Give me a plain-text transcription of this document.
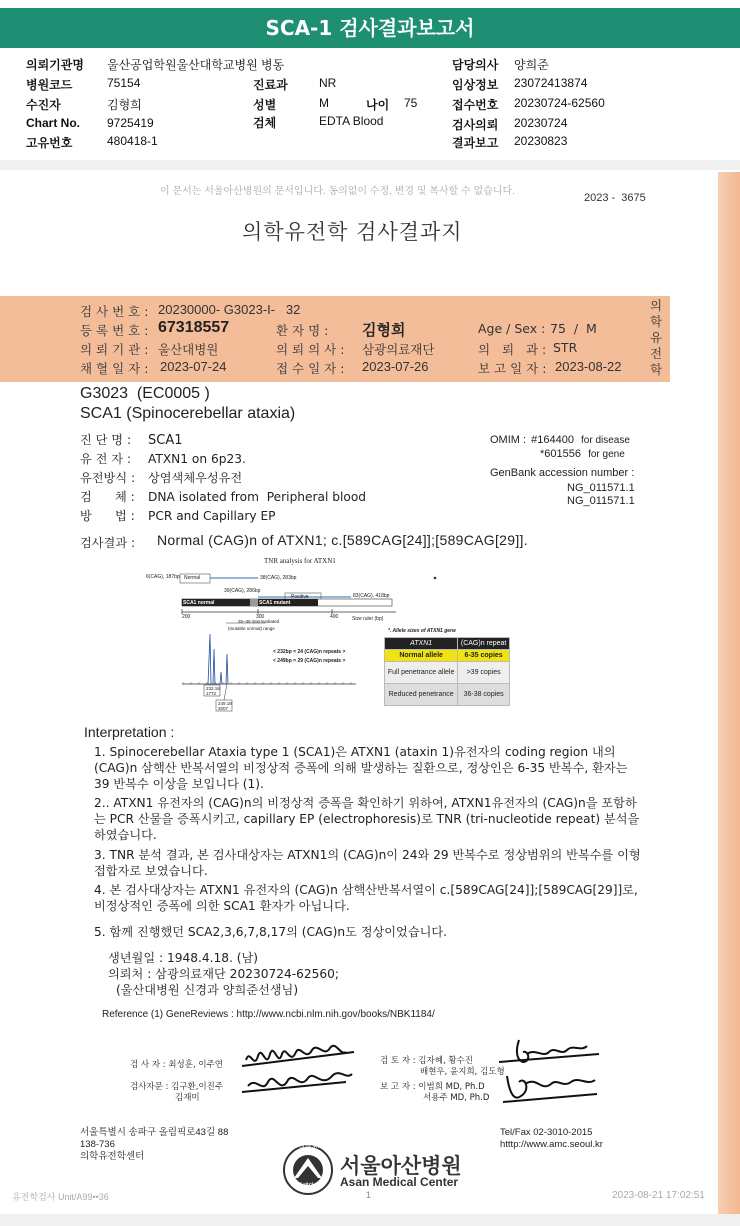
SCA-1 검사결과보고서
의뢰기관명 울산공업학원울산대학교병원 병동
병원코드	75154
수진자	김형희
Chart No. 9725419
고유번호	480418-1
진료과	NR
성별	M	나이 75
검체	EDTA Blood
담당의사 양희준
임상정보 23072413874
접수번호 20230724-62560
검사의뢰 20230724
결과보고 20230823
이 문서는 서울아산병원의 문서입니다. 동의없이 수정, 변경 및 복사할 수 없습니다.
2023 -  3675
의학유전학 검사결과지
검 사 번 호 : 20230000- G3023-I-   32
등 록 번 호 : 67318557	환 자 명 : 김형희	Age / Sex : 75  /  M
의 뢰 기 관 : 울산대병원	의 뢰 의 사 : 삼광의료재단	의   뢰   과 : STR
채 혈 일 자 : 2023-07-24	접 수 일 자 : 2023-07-26	보 고 일 자 : 2023-08-22
의
학
유
전
학
G3023  (EC0005 )
SCA1 (Spinocerebellar ataxia)
진 단 명 : SCA1
유 전 자 : ATXN1 on 6p23.
유전방식 : 상염색체우성유전
검      체 : DNA isolated from  Peripheral blood
방      법 : PCR and Capillary EP
OMIM : #164400 for disease
*601556 for gene
GenBank accession number :
NG_011571.1
NG_011571.1
검사결과 : Normal (CAG)n of ATXN1; c.[589CAG[24]];[589CAG[29]].
TNR analysis for ATXN1
6(CAG), 187bp Normal	38(CAG), 283bp
39(CAG), 286bp
Positive	83(CAG), 418bp
SCA1 normal	SCA1 mutant
200	300	400	Size ruler (bp)
36~38 intermediated
(mutable normal) range
< 232bp = 24 (CAG)n repeats >
< 249bp = 29 (CAG)n repeats >
232.18
1772
249.18
3007
*. Allele sizes of ATXN1 gene
ATXN1	(CAG)n repeat
Normal allele	6-35 copies
Full penetrance allele	>39 copies
Reduced penetrance	36-38 copies
Interpretation :
1. Spinocerebellar Ataxia type 1 (SCA1)은 ATXN1 (ataxin 1)유전자의 coding region 내의 (CAG)n 삼핵산 반복서열의 비정상적 증폭에 의해 발생하는 질환으로, 정상인은 6-35 반복수, 환자는 39 반복수 이상을 보입니다 (1).
2.. ATXN1 유전자의 (CAG)n의 비정상적 증폭을 확인하기 위하여, ATXN1유전자의 (CAG)n을 포함하는 PCR 산물을 증폭시키고, capillary EP (electrophoresis)로 TNR (tri-nucleotide repeat) 분석을 하였습니다.
3. TNR 분석 결과, 본 검사대상자는 ATXN1의 (CAG)n이 24와 29 반복수로 정상범위의 반복수를 이형접합자로 보였습니다.
4. 본 검사대상자는 ATXN1 유전자의 (CAG)n 삼핵산반복서열이 c.[589CAG[24]];[589CAG[29]]로, 비정상적인 증폭에 의한 SCA1 환자가 아닙니다.
5. 함께 진행했던 SCA2,3,6,7,8,17의 (CAG)n도 정상이었습니다.
생년월일 : 1948.4.18. (남)
의뢰처 : 삼광의료재단 20230724-62560;
(울산대병원 신경과 양희준선생님)
Reference (1) GeneReviews : http://www.ncbi.nlm.nih.gov/books/NBK1184/
검 사 자 : 최성훈, 이주연
검사자문 : 김구환,이진주
김재미
검 토 자 : 김자혜, 황수진
배현우, 윤지희, 김도형
보 고 자 : 이범희 MD, Ph.D
서용주 MD, Ph.D
서울특별시 송파구 올림픽로43길 88
138-736
의학유전학센터
Tel/Fax 02-3010-2015
htttp://www.amc.seoul.kr
ASAN FOUNDATION
아산재단
서울아산병원
Asan Medical Center
유전학검사 Unit/A99••36	1	2023-08-21 17:02:51
